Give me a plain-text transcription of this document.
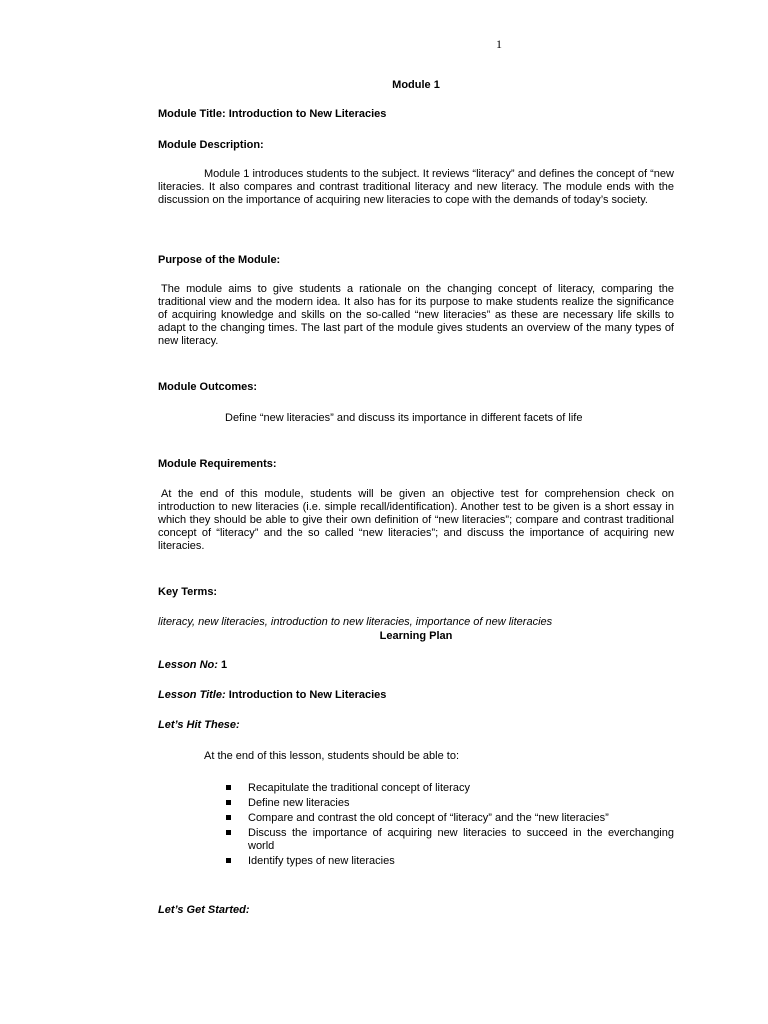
1
Module 1
Module Title: Introduction to New Literacies
Module Description:
Module 1 introduces students to the subject. It reviews “literacy” and defines the concept of “new literacies. It also compares and contrast traditional literacy and new literacy. The module ends with the discussion on the importance of acquiring new literacies to cope with the demands of today’s society.
Purpose of the Module:
The module aims to give students a rationale on the changing concept of literacy, comparing the traditional view and the modern idea. It also has for its purpose to make students realize the significance of acquiring knowledge and skills on the so-called “new literacies” as these are necessary life skills to adapt to the changing times. The last part of the module gives students an overview of the many types of new literacy.
Module Outcomes:
Define “new literacies” and discuss its importance in different facets of life
Module Requirements:
At the end of this module, students will be given an objective test for comprehension check on introduction to new literacies (i.e. simple recall/identification). Another test to be given is a short essay in which they should be able to give their own definition of “new literacies”; compare and contrast traditional concept of “literacy” and the so called “new literacies”; and discuss the importance of acquiring new literacies.
Key Terms:
literacy, new literacies, introduction to new literacies, importance of new literacies
Learning Plan
Lesson No: 1
Lesson Title: Introduction to New Literacies
Let’s Hit These:
At the end of this lesson, students should be able to:
Recapitulate the traditional concept of literacy
Define new literacies
Compare and contrast the old concept of “literacy” and the “new literacies”
Discuss the importance of acquiring new literacies to succeed in the everchanging world
Identify types of new literacies
Let’s Get Started:
